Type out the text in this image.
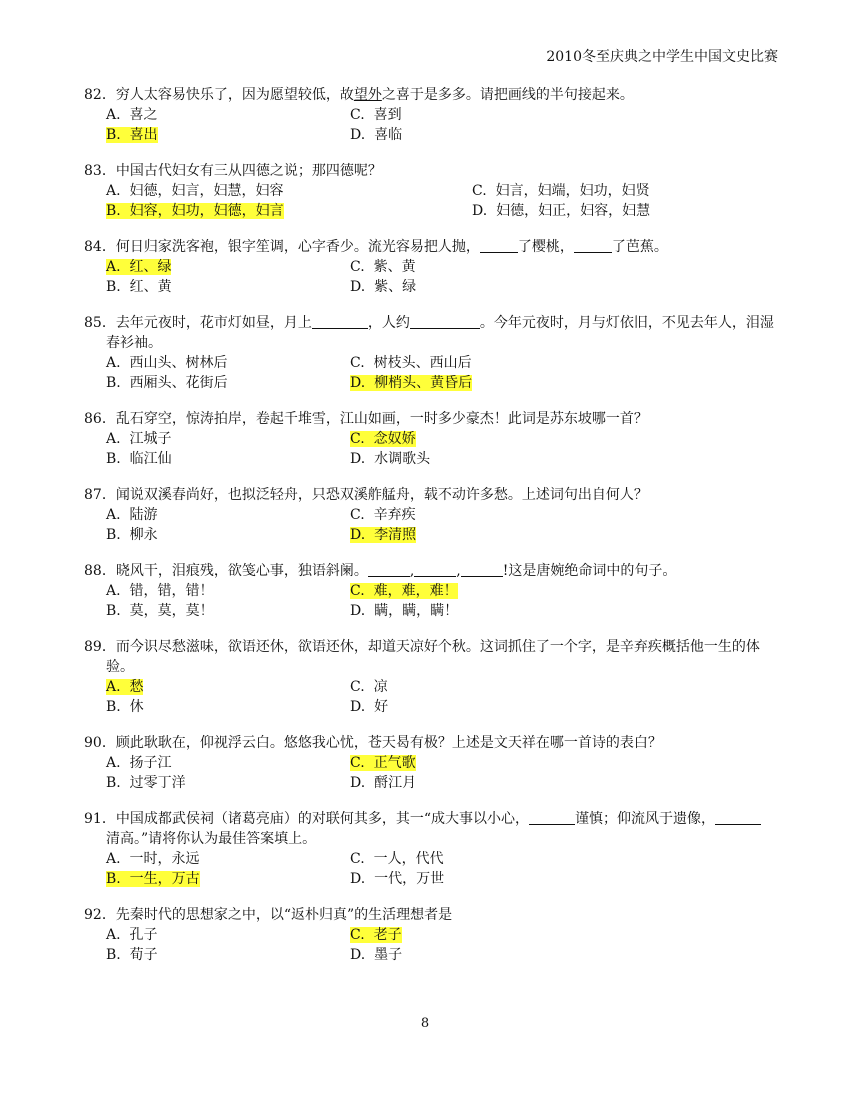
2010冬至庆典之中学生中国文史比赛
82．穷人太容易快乐了，因为愿望较低，故望外之喜于是多多。请把画线的半句接起来。
A. 喜之	C. 喜到
B. 喜出	D. 喜临
83．中国古代妇女有三从四德之说；那四德呢？
A. 妇德，妇言，妇慧，妇容	C. 妇言，妇端，妇功，妇贤
B. 妇容，妇功，妇德，妇言	D. 妇德，妇正，妇容，妇慧
84．何日归家洗客袍，银字笙调，心字香少。流光容易把人抛，	了樱桃，	了芭蕉。
A. 红、绿	C. 紫、黄
B. 红、黄	D. 紫、绿
85．去年元夜时，花市灯如昼，月上	，人约	。今年元夜时，月与灯依旧，不见去年人，泪湿春衫袖。
A. 西山头、树林后	C. 树枝头、西山后
B. 西厢头、花街后	D. 柳梢头、黄昏后
86．乱石穿空，惊涛拍岸，卷起千堆雪，江山如画，一时多少豪杰！此词是苏东坡哪一首？
A. 江城子	C. 念奴娇
B. 临江仙	D. 水调歌头
87．闻说双溪春尚好，也拟泛轻舟，只恐双溪舴艋舟，载不动许多愁。上述词句出自何人？
A. 陆游	C. 辛弃疾
B. 柳永	D. 李清照
88．晓风干，泪痕残，欲笺心事，独语斜阑。	,	,	!这是唐婉绝命词中的句子。
A. 错，错，错！	C. 难，难，难！
B. 莫，莫，莫！	D. 瞒，瞒，瞒！
89．而今识尽愁滋味，欲语还休，欲语还休，却道天凉好个秋。这词抓住了一个字，是辛弃疾概括他一生的体验。
A. 愁	C. 凉
B. 休	D. 好
90．顾此耿耿在，仰视浮云白。悠悠我心忧，苍天曷有极？上述是文天祥在哪一首诗的表白？
A. 扬子江	C. 正气歌
B. 过零丁洋	D. 酹江月
91．中国成都武侯祠（诸葛亮庙）的对联何其多，其一“成大事以小心，	谨慎；仰流风于遗像，清高。”请将你认为最佳答案填上。
A. 一时，永远	C. 一人，代代
B. 一生，万古	D. 一代，万世
92．先秦时代的思想家之中，以“返朴归真”的生活理想者是
A. 孔子	C. 老子
B. 荀子	D. 墨子
8
